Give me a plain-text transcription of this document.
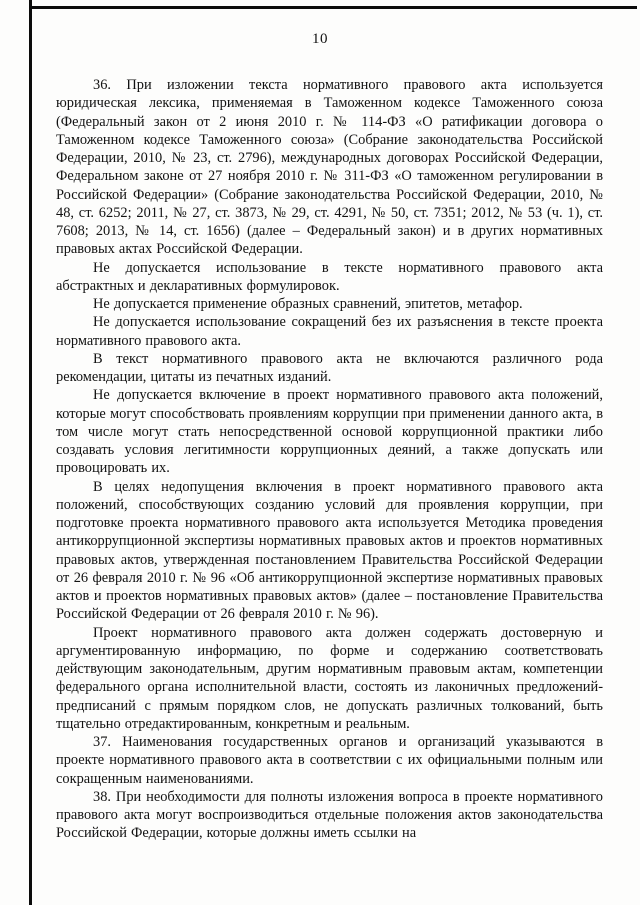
10

36. При изложении текста нормативного правового акта используется юридическая лексика, применяемая в Таможенном кодексе Таможенного союза (Федеральный закон от 2 июня 2010 г. № 114-ФЗ «О ратификации договора о Таможенном кодексе Таможенного союза» (Собрание законодательства Российской Федерации, 2010, № 23, ст. 2796), международных договорах Российской Федерации, Федеральном законе от 27 ноября 2010 г. № 311-ФЗ «О таможенном регулировании в Российской Федерации» (Собрание законодательства Российской Федерации, 2010, № 48, ст. 6252; 2011, № 27, ст. 3873, № 29, ст. 4291, № 50, ст. 7351; 2012, № 53 (ч. 1), ст. 7608; 2013, № 14, ст. 1656) (далее – Федеральный закон) и в других нормативных правовых актах Российской Федерации.

Не допускается использование в тексте нормативного правового акта абстрактных и декларативных формулировок.

Не допускается применение образных сравнений, эпитетов, метафор.

Не допускается использование сокращений без их разъяснения в тексте проекта нормативного правового акта.

В текст нормативного правового акта не включаются различного рода рекомендации, цитаты из печатных изданий.

Не допускается включение в проект нормативного правового акта положений, которые могут способствовать проявлениям коррупции при применении данного акта, в том числе могут стать непосредственной основой коррупционной практики либо создавать условия легитимности коррупционных деяний, а также допускать или провоцировать их.

В целях недопущения включения в проект нормативного правового акта положений, способствующих созданию условий для проявления коррупции, при подготовке проекта нормативного правового акта используется Методика проведения антикоррупционной экспертизы нормативных правовых актов и проектов нормативных правовых актов, утвержденная постановлением Правительства Российской Федерации от 26 февраля 2010 г. № 96 «Об антикоррупционной экспертизе нормативных правовых актов и проектов нормативных правовых актов» (далее – постановление Правительства Российской Федерации от 26 февраля 2010 г. № 96).

Проект нормативного правового акта должен содержать достоверную и аргументированную информацию, по форме и содержанию соответствовать действующим законодательным, другим нормативным правовым актам, компетенции федерального органа исполнительной власти, состоять из лаконичных предложений-предписаний с прямым порядком слов, не допускать различных толкований, быть тщательно отредактированным, конкретным и реальным.

37. Наименования государственных органов и организаций указываются в проекте нормативного правового акта в соответствии с их официальными полным или сокращенным наименованиями.

38. При необходимости для полноты изложения вопроса в проекте нормативного правового акта могут воспроизводиться отдельные положения актов законодательства Российской Федерации, которые должны иметь ссылки на
